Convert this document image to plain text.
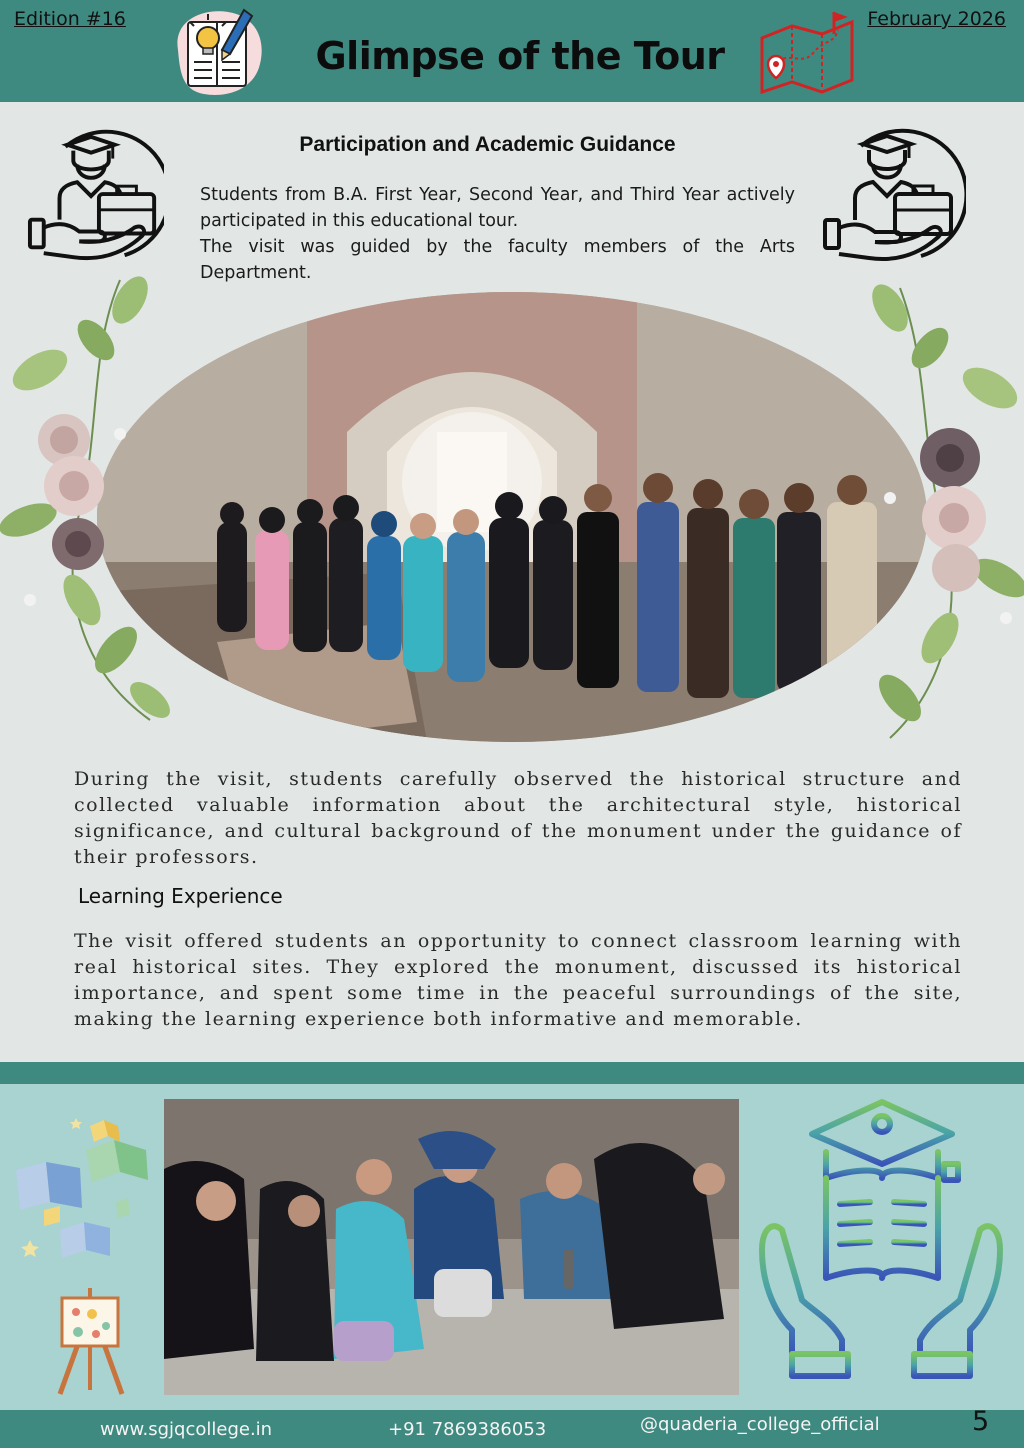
Edition #16	February 2026
Glimpse of the Tour
Participation and Academic Guidance

Students from B.A. First Year, Second Year, and Third Year actively participated in this educational tour.

The visit was guided by the faculty members of the Arts Department.

During the visit, students carefully observed the historical structure and collected valuable information about the architectural style, historical significance, and cultural background of the monument under the guidance of their professors.

Learning Experience

The visit offered students an opportunity to connect classroom learning with real historical sites. They explored the monument, discussed its historical importance, and spent some time in the peaceful surroundings of the site, making the learning experience both informative and memorable.

www.sgjqcollege.in	+91 7869386053	@quaderia_college_official	5
